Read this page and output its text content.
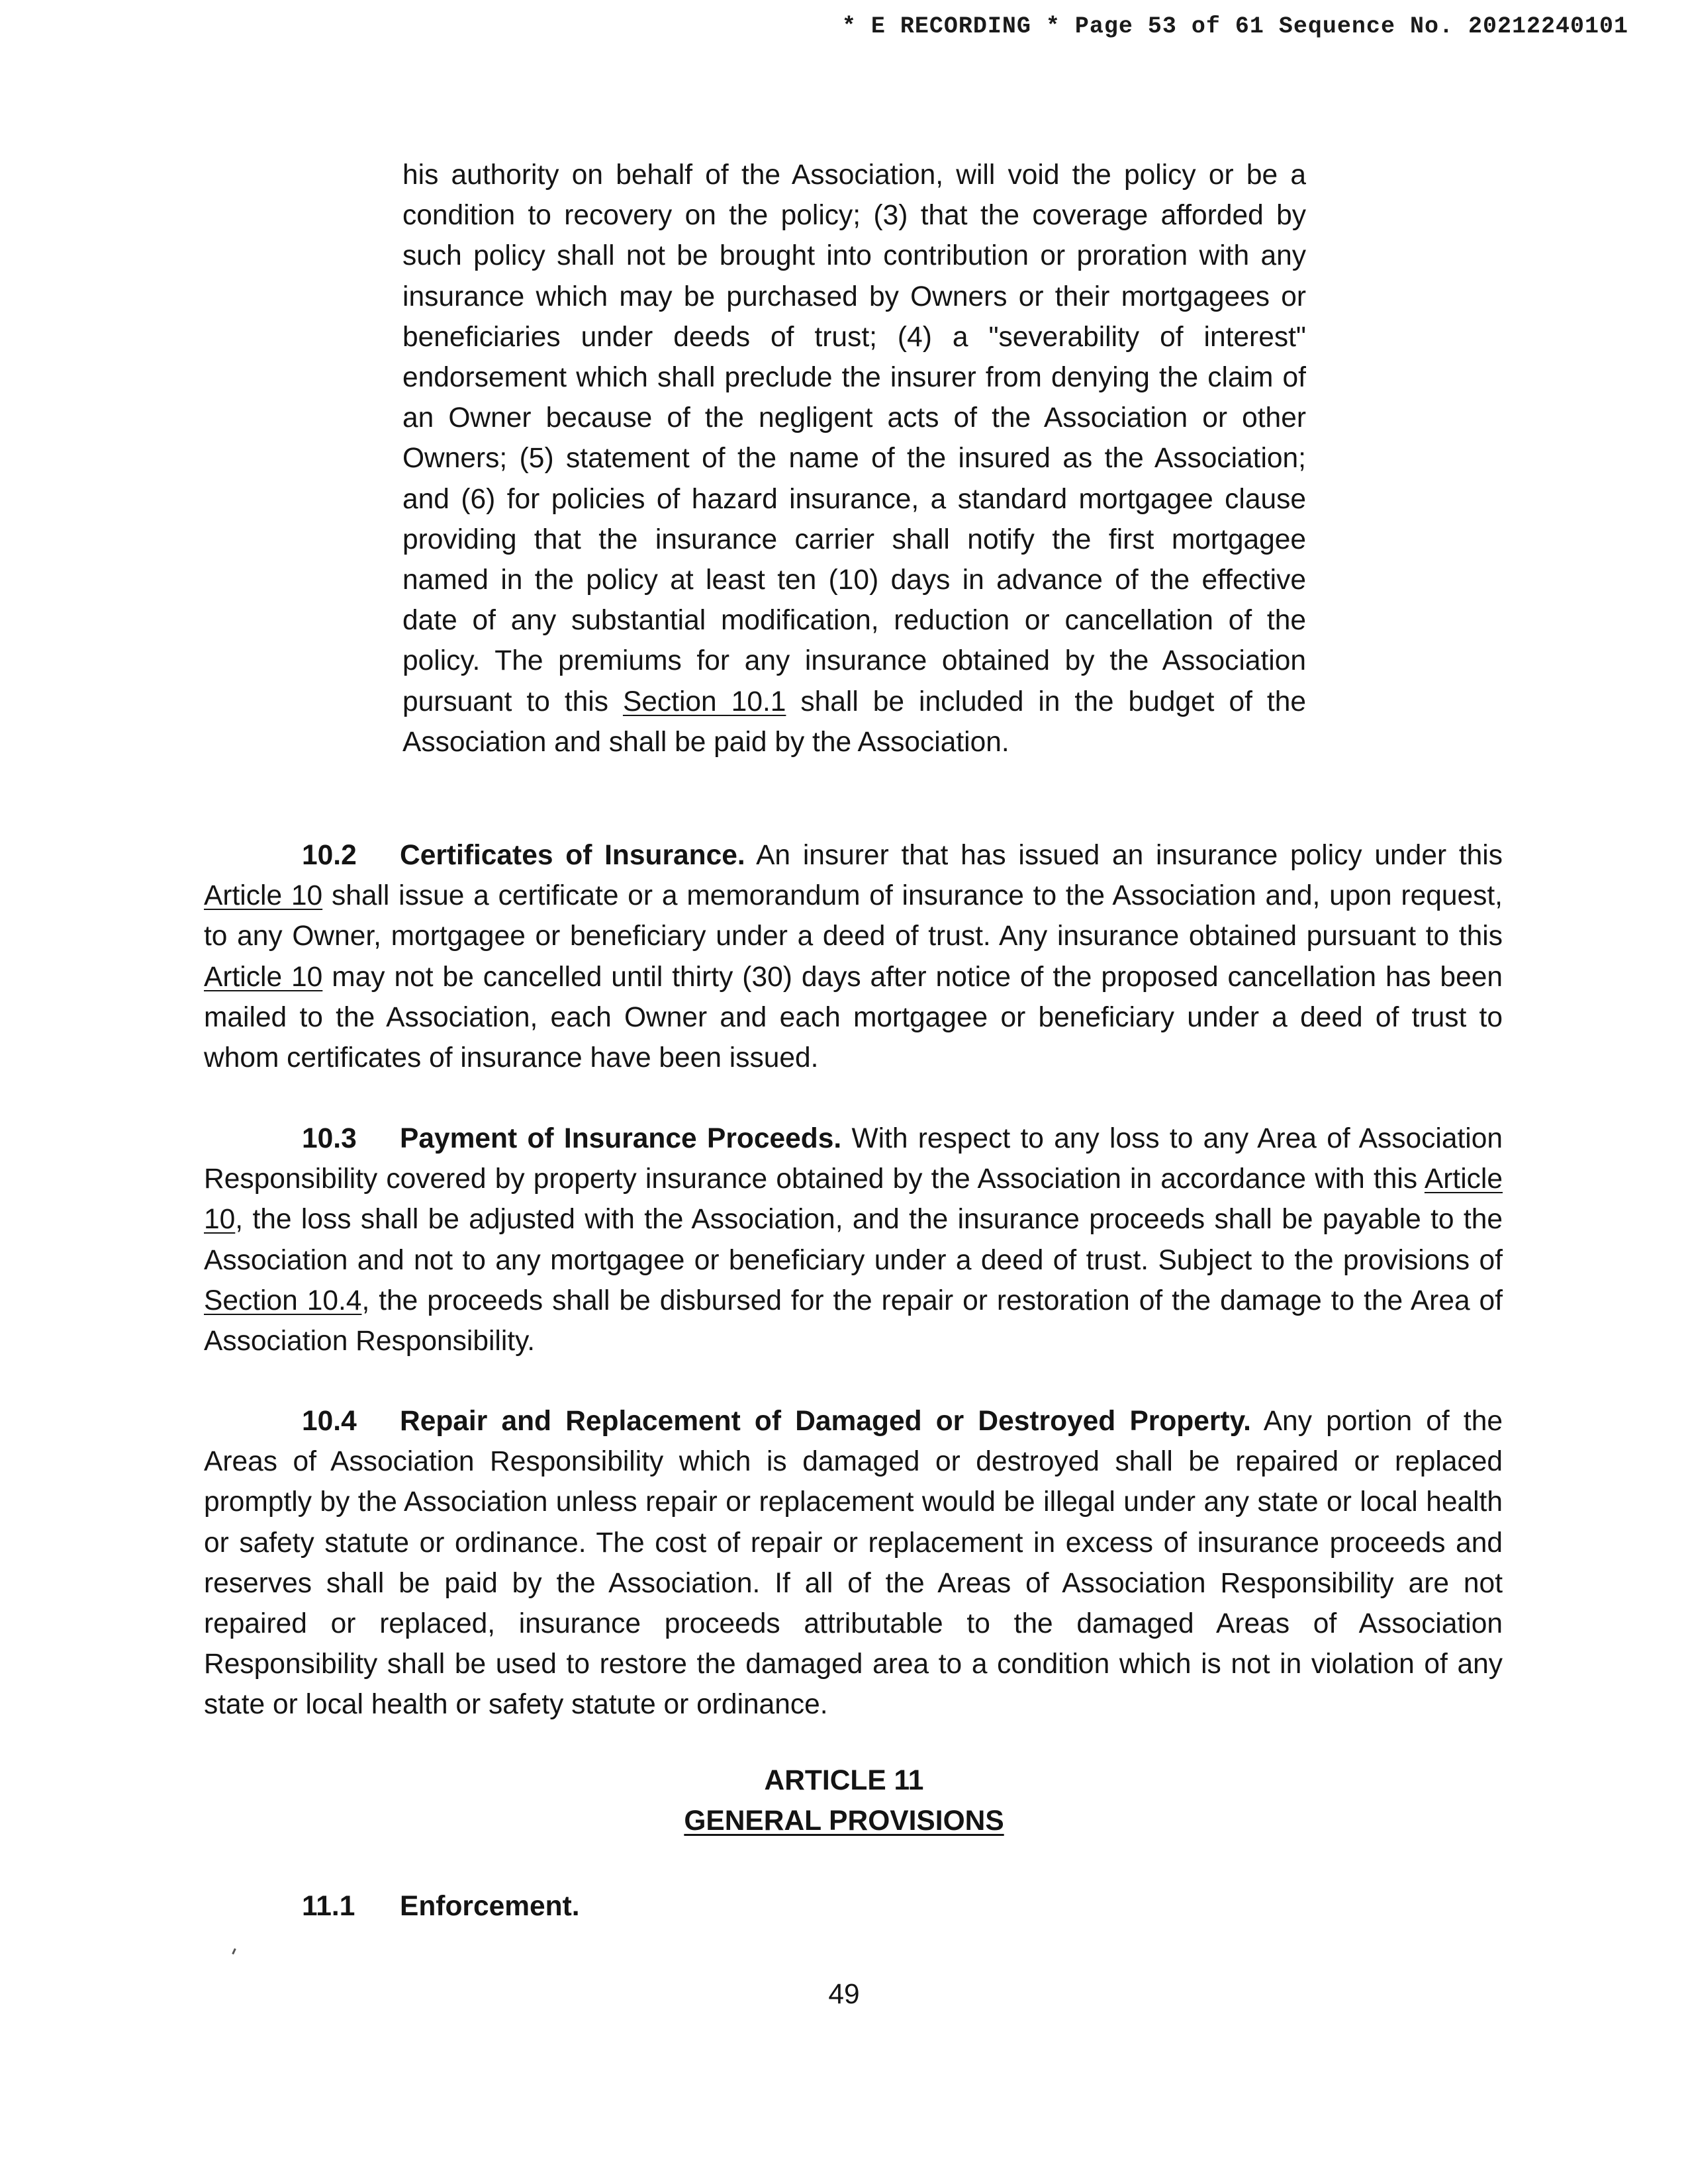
* E RECORDING * Page 53 of 61 Sequence No. 20212240101

his authority on behalf of the Association, will void the policy or be a condition to recovery on the policy; (3) that the coverage afforded by such policy shall not be brought into contribution or proration with any insurance which may be purchased by Owners or their mortgagees or beneficiaries under deeds of trust; (4) a "severability of interest" endorsement which shall preclude the insurer from denying the claim of an Owner because of the negligent acts of the Association or other Owners; (5) statement of the name of the insured as the Association; and (6) for policies of hazard insurance, a standard mortgagee clause providing that the insurance carrier shall notify the first mortgagee named in the policy at least ten (10) days in advance of the effective date of any substantial modification, reduction or cancellation of the policy. The premiums for any insurance obtained by the Association pursuant to this Section 10.1 shall be included in the budget of the Association and shall be paid by the Association.

10.2 Certificates of Insurance. An insurer that has issued an insurance policy under this Article 10 shall issue a certificate or a memorandum of insurance to the Association and, upon request, to any Owner, mortgagee or beneficiary under a deed of trust. Any insurance obtained pursuant to this Article 10 may not be cancelled until thirty (30) days after notice of the proposed cancellation has been mailed to the Association, each Owner and each mortgagee or beneficiary under a deed of trust to whom certificates of insurance have been issued.

10.3 Payment of Insurance Proceeds. With respect to any loss to any Area of Association Responsibility covered by property insurance obtained by the Association in accordance with this Article 10, the loss shall be adjusted with the Association, and the insurance proceeds shall be payable to the Association and not to any mortgagee or beneficiary under a deed of trust. Subject to the provisions of Section 10.4, the proceeds shall be disbursed for the repair or restoration of the damage to the Area of Association Responsibility.

10.4 Repair and Replacement of Damaged or Destroyed Property. Any portion of the Areas of Association Responsibility which is damaged or destroyed shall be repaired or replaced promptly by the Association unless repair or replacement would be illegal under any state or local health or safety statute or ordinance. The cost of repair or replacement in excess of insurance proceeds and reserves shall be paid by the Association. If all of the Areas of Association Responsibility are not repaired or replaced, insurance proceeds attributable to the damaged Areas of Association Responsibility shall be used to restore the damaged area to a condition which is not in violation of any state or local health or safety statute or ordinance.

ARTICLE 11
GENERAL PROVISIONS
11.1 Enforcement.
49
